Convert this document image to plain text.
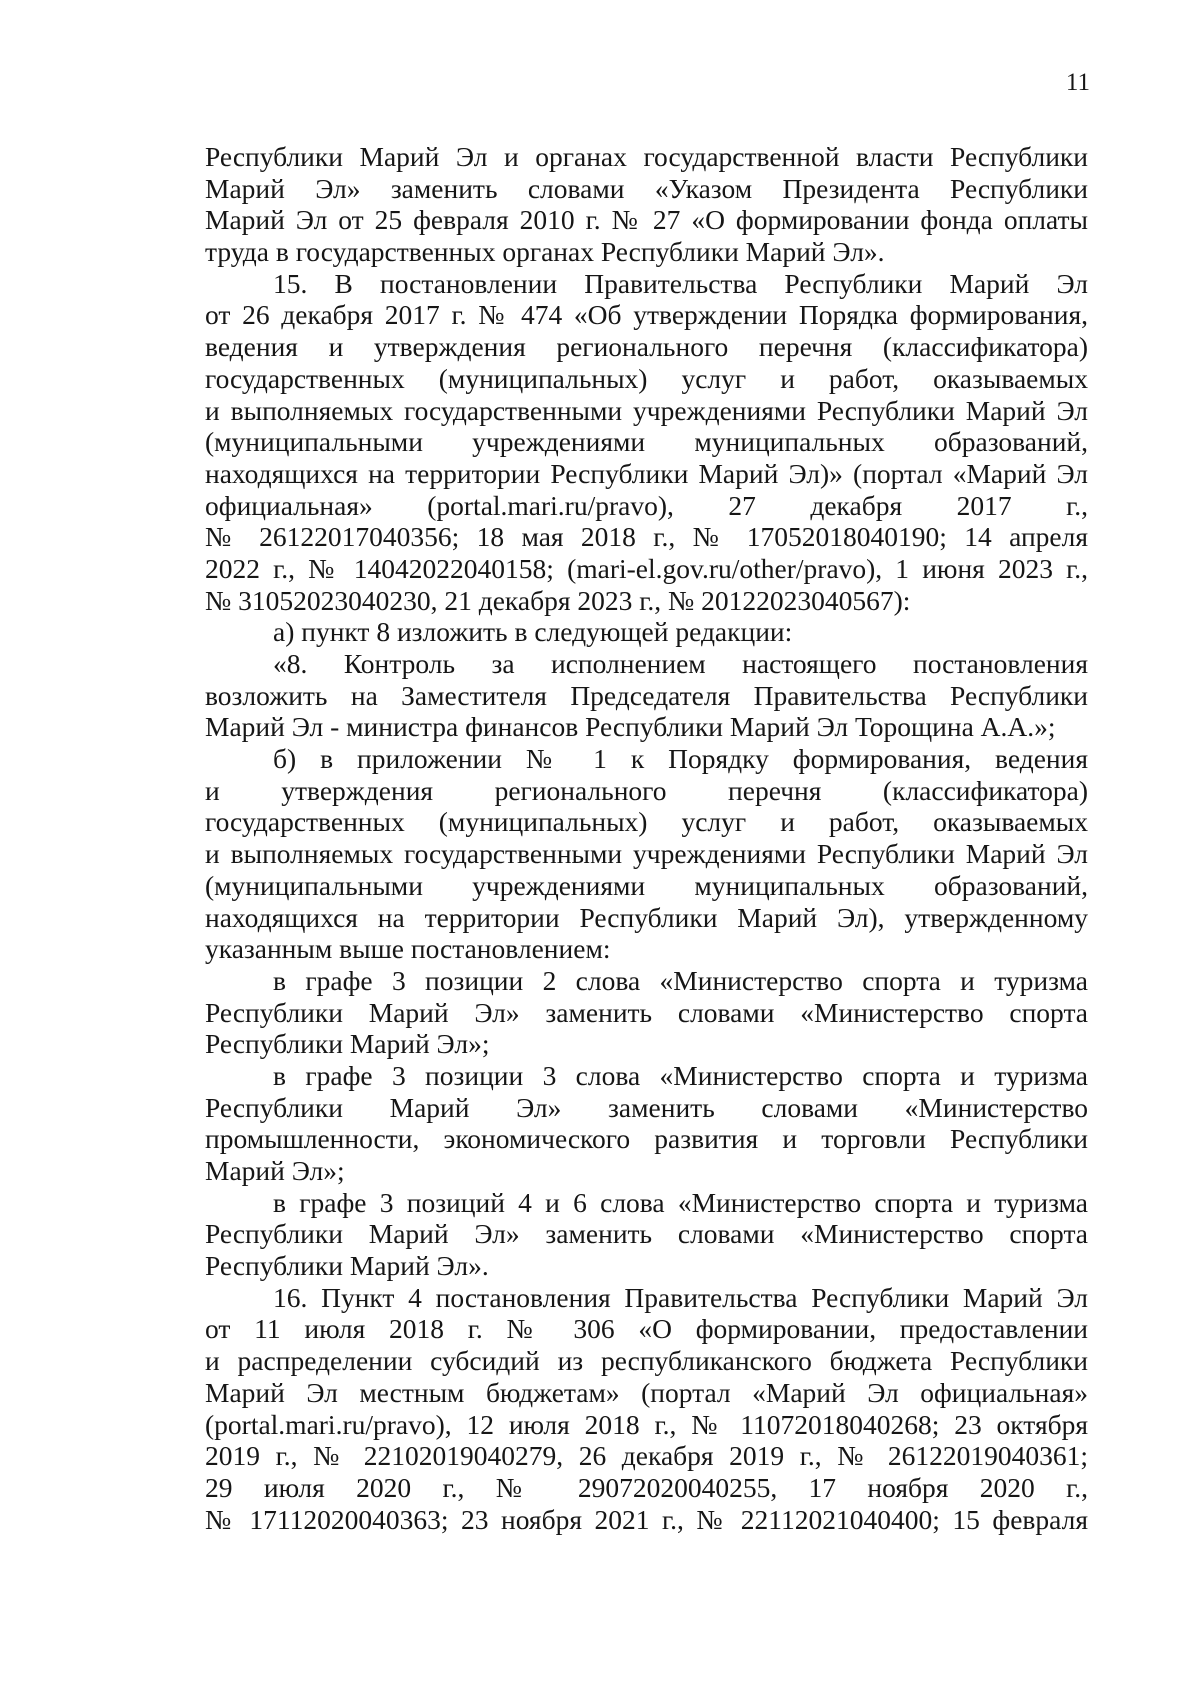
11
Республики Марий Эл и органах государственной власти Республики
Марий Эл» заменить словами «Указом Президента Республики
Марий Эл от 25 февраля 2010 г. № 27 «О формировании фонда оплаты
труда в государственных органах Республики Марий Эл».
15. В постановлении Правительства Республики Марий Эл
от 26 декабря 2017 г. № 474 «Об утверждении Порядка формирования,
ведения и утверждения регионального перечня (классификатора)
государственных (муниципальных) услуг и работ, оказываемых
и выполняемых государственными учреждениями Республики Марий Эл
(муниципальными учреждениями муниципальных образований,
находящихся на территории Республики Марий Эл)» (портал «Марий Эл
официальная» (portal.mari.ru/pravo), 27 декабря 2017 г.,
№ 26122017040356; 18 мая 2018 г., № 17052018040190; 14 апреля
2022 г., № 14042022040158; (mari-el.gov.ru/other/pravo), 1 июня 2023 г.,
№ 31052023040230, 21 декабря 2023 г., № 20122023040567):
а) пункт 8 изложить в следующей редакции:
«8. Контроль за исполнением настоящего постановления
возложить на Заместителя Председателя Правительства Республики
Марий Эл - министра финансов Республики Марий Эл Торощина А.А.»;
б) в приложении № 1 к Порядку формирования, ведения
и утверждения регионального перечня (классификатора)
государственных (муниципальных) услуг и работ, оказываемых
и выполняемых государственными учреждениями Республики Марий Эл
(муниципальными учреждениями муниципальных образований,
находящихся на территории Республики Марий Эл), утвержденному
указанным выше постановлением:
в графе 3 позиции 2 слова «Министерство спорта и туризма
Республики Марий Эл» заменить словами «Министерство спорта
Республики Марий Эл»;
в графе 3 позиции 3 слова «Министерство спорта и туризма
Республики Марий Эл» заменить словами «Министерство
промышленности, экономического развития и торговли Республики
Марий Эл»;
в графе 3 позиций 4 и 6 слова «Министерство спорта и туризма
Республики Марий Эл» заменить словами «Министерство спорта
Республики Марий Эл».
16. Пункт 4 постановления Правительства Республики Марий Эл
от 11 июля 2018 г. № 306 «О формировании, предоставлении
и распределении субсидий из республиканского бюджета Республики
Марий Эл местным бюджетам» (портал «Марий Эл официальная»
(portal.mari.ru/pravo), 12 июля 2018 г., № 11072018040268; 23 октября
2019 г., № 22102019040279, 26 декабря 2019 г., № 26122019040361;
29 июля 2020 г., № 29072020040255, 17 ноября 2020 г.,
№ 17112020040363; 23 ноября 2021 г., № 22112021040400; 15 февраля
